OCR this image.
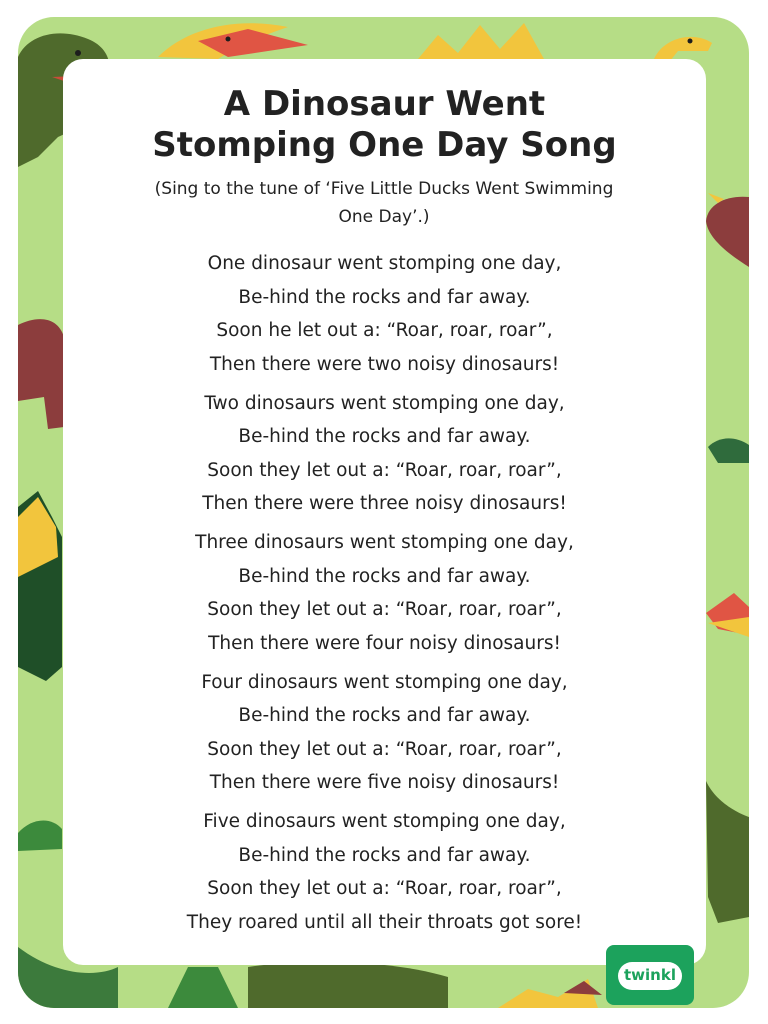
A Dinosaur Went
Stomping One Day Song

(Sing to the tune of ‘Five Little Ducks Went Swimming
One Day’.)

One dinosaur went stomping one day,
Be-hind the rocks and far away.
Soon he let out a: “Roar, roar, roar”,
Then there were two noisy dinosaurs!
Two dinosaurs went stomping one day,
Be-hind the rocks and far away.
Soon they let out a: “Roar, roar, roar”,
Then there were three noisy dinosaurs!
Three dinosaurs went stomping one day,
Be-hind the rocks and far away.
Soon they let out a: “Roar, roar, roar”,
Then there were four noisy dinosaurs!
Four dinosaurs went stomping one day,
Be-hind the rocks and far away.
Soon they let out a: “Roar, roar, roar”,
Then there were five noisy dinosaurs!
Five dinosaurs went stomping one day,
Be-hind the rocks and far away.
Soon they let out a: “Roar, roar, roar”,
They roared until all their throats got sore!
twinkl
